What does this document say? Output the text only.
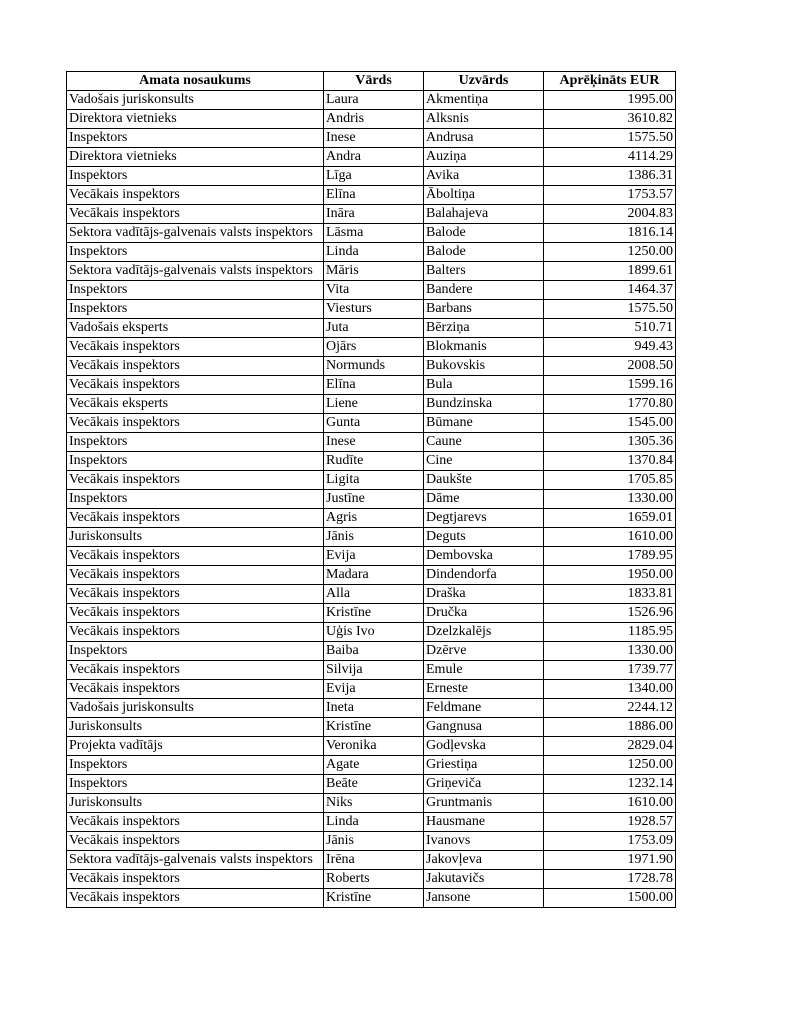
Amata nosaukums	Vārds	Uzvārds	Aprēķināts EUR
Vadošais juriskonsults	Laura	Akmentiņa	1995.00
Direktora vietnieks	Andris	Alksnis	3610.82
Inspektors	Inese	Andrusa	1575.50
Direktora vietnieks	Andra	Auziņa	4114.29
Inspektors	Līga	Avika	1386.31
Vecākais inspektors	Elīna	Āboltiņa	1753.57
Vecākais inspektors	Ināra	Balahajeva	2004.83
Sektora vadītājs-galvenais valsts inspektors	Lāsma	Balode	1816.14
Inspektors	Linda	Balode	1250.00
Sektora vadītājs-galvenais valsts inspektors	Māris	Balters	1899.61
Inspektors	Vita	Bandere	1464.37
Inspektors	Viesturs	Barbans	1575.50
Vadošais eksperts	Juta	Bērziņa	510.71
Vecākais inspektors	Ojārs	Blokmanis	949.43
Vecākais inspektors	Normunds	Bukovskis	2008.50
Vecākais inspektors	Elīna	Bula	1599.16
Vecākais eksperts	Liene	Bundzinska	1770.80
Vecākais inspektors	Gunta	Būmane	1545.00
Inspektors	Inese	Caune	1305.36
Inspektors	Rudīte	Cine	1370.84
Vecākais inspektors	Ligita	Daukšte	1705.85
Inspektors	Justīne	Dāme	1330.00
Vecākais inspektors	Agris	Degtjarevs	1659.01
Juriskonsults	Jānis	Deguts	1610.00
Vecākais inspektors	Evija	Dembovska	1789.95
Vecākais inspektors	Madara	Dindendorfa	1950.00
Vecākais inspektors	Alla	Draška	1833.81
Vecākais inspektors	Kristīne	Dručka	1526.96
Vecākais inspektors	Uģis Ivo	Dzelzkalējs	1185.95
Inspektors	Baiba	Dzērve	1330.00
Vecākais inspektors	Silvija	Emule	1739.77
Vecākais inspektors	Evija	Erneste	1340.00
Vadošais juriskonsults	Ineta	Feldmane	2244.12
Juriskonsults	Kristīne	Gangnusa	1886.00
Projekta vadītājs	Veronika	Godļevska	2829.04
Inspektors	Agate	Griestiņa	1250.00
Inspektors	Beāte	Griņeviča	1232.14
Juriskonsults	Niks	Gruntmanis	1610.00
Vecākais inspektors	Linda	Hausmane	1928.57
Vecākais inspektors	Jānis	Ivanovs	1753.09
Sektora vadītājs-galvenais valsts inspektors	Irēna	Jakovļeva	1971.90
Vecākais inspektors	Roberts	Jakutavičs	1728.78
Vecākais inspektors	Kristīne	Jansone	1500.00
